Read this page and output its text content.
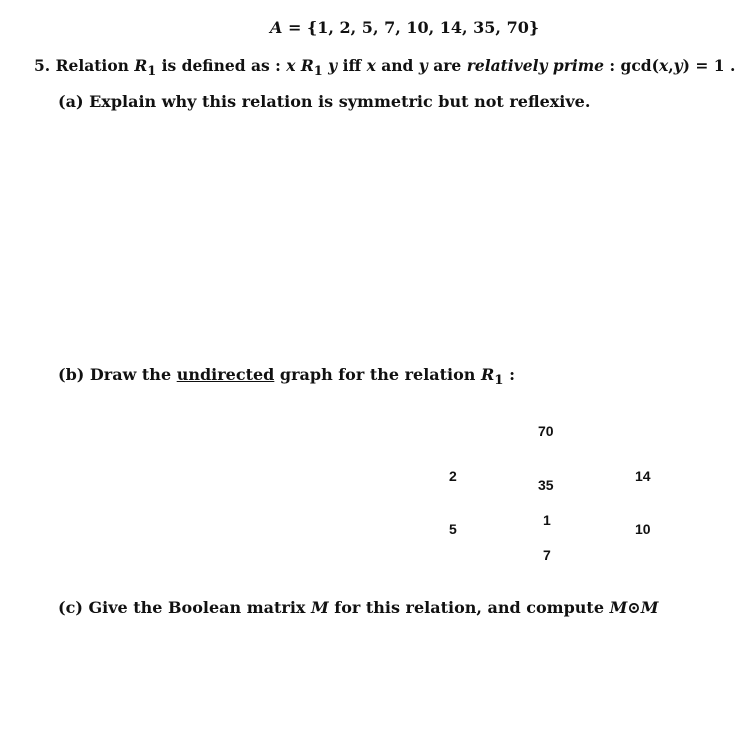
A = {1, 2, 5, 7, 10, 14, 35, 70}
5. Relation $R_1$ is defined as : x $R_1$ y iff x and y are relatively prime : gcd(x,y) = 1 .
(a) Explain why this relation is symmetric but not reflexive.
(b) Draw the undirected graph for the relation $R_1$ :
70
2
35
14
1
5	10
7
(c) Give the Boolean matrix M for this relation, and compute M⊙M
